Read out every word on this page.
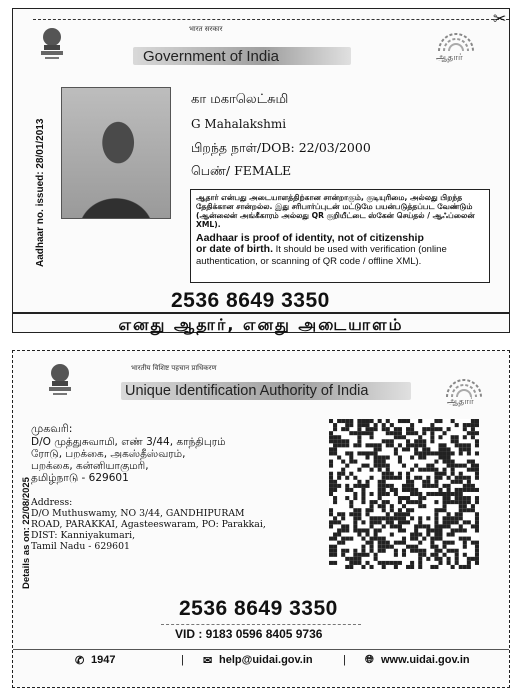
✂
भारत सरकार
Government of India	ஆதார்
Aadhaar no. issued: 28/01/2013
கா மகாலெட்சுமி
G Mahalakshmi
பிறந்த நாள்/DOB: 22/03/2000
பெண்/ FEMALE
ஆதார் என்பது அடையாளத்திற்கான சான்றாகும், குடியுரிமை, அல்லது பிறந்த தேதிக்கான சான்றல்ல. இது சரிபார்ப்புடன் மட்டுமே பயன்படுத்தப்பட வேண்டும் (ஆன்லைன் அங்கீகாரம் அல்லது QR குறியீட்டை ஸ்கேன் செய்தல் / ஆஃப்லைன் XML).
Aadhaar is proof of identity, not of citizenship
or date of birth. It should be used with verification (online
authentication, or scanning of QR code / offline XML).
2536 8649 3350
எனது ஆதார், எனது அடையாளம்
भारतीय विशिष्ट पहचान प्राधिकरण
Unique Identification Authority of India
ஆதார்
Details as on: 22/08/2025
முகவரி:
D/O முத்துசுவாமி, எண் 3/44, காந்திபுரம்
ரோடு, பறக்கை, அகஸ்தீஸ்வரம்,
பறக்கை, கன்னியாகுமரி,
தமிழ்நாடு - 629601
Address:
D/O Muthuswamy, NO 3/44, GANDHIPURAM
ROAD, PARAKKAI, Agasteeswaram, PO: Parakkai,
DIST: Kanniyakumari,
Tamil Nadu - 629601
2536 8649 3350
VID : 9183 0596 8405 9736
✆ 1947	| ✉ help@uidai.gov.in	| 🌐︎ www.uidai.gov.in
